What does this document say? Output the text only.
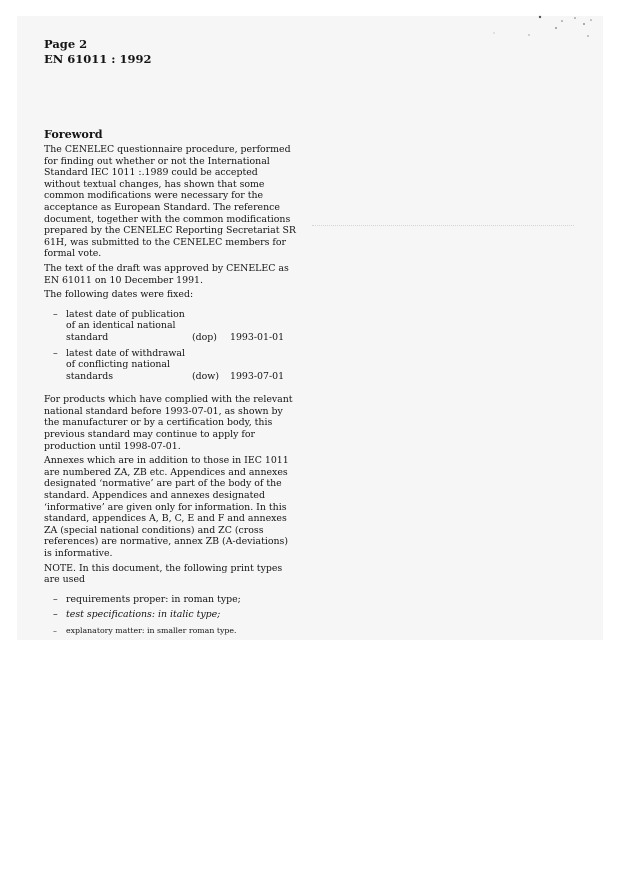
Page 2
EN 61011 : 1992
Foreword

The CENELEC questionnaire procedure, performed for finding out whether or not the International Standard IEC 1011 :.1989 could be accepted without textual changes, has shown that some common modifications were necessary for the acceptance as European Standard. The reference document, together with the common modifications prepared by the CENELEC Reporting Secretariat SR 61H, was submitted to the CENELEC members for formal vote.

The text of the draft was approved by CENELEC as EN 61011 on 10 December 1991.

The following dates were fixed:

– latest date of publication
of an identical national
standard	(dop)	1993-01-01
– latest date of withdrawal
of conflicting national
standards	(dow)	1993-07-01

For products which have complied with the relevant national standard before 1993-07-01, as shown by the manufacturer or by a certification body, this previous standard may continue to apply for production until 1998-07-01.

Annexes which are in addition to those in IEC 1011 are numbered ZA, ZB etc. Appendices and annexes designated ‘normative’ are part of the body of the standard. Appendices and annexes designated ‘informative’ are given only for information. In this standard, appendices A, B, C, E and F and annexes ZA (special national conditions) and ZC (cross references) are normative, annex ZB (A-deviations) is informative.

NOTE. In this document, the following print types are used

– requirements proper: in roman type;
– test specifications: in italic type;
– explanatory matter: in smaller roman type.
